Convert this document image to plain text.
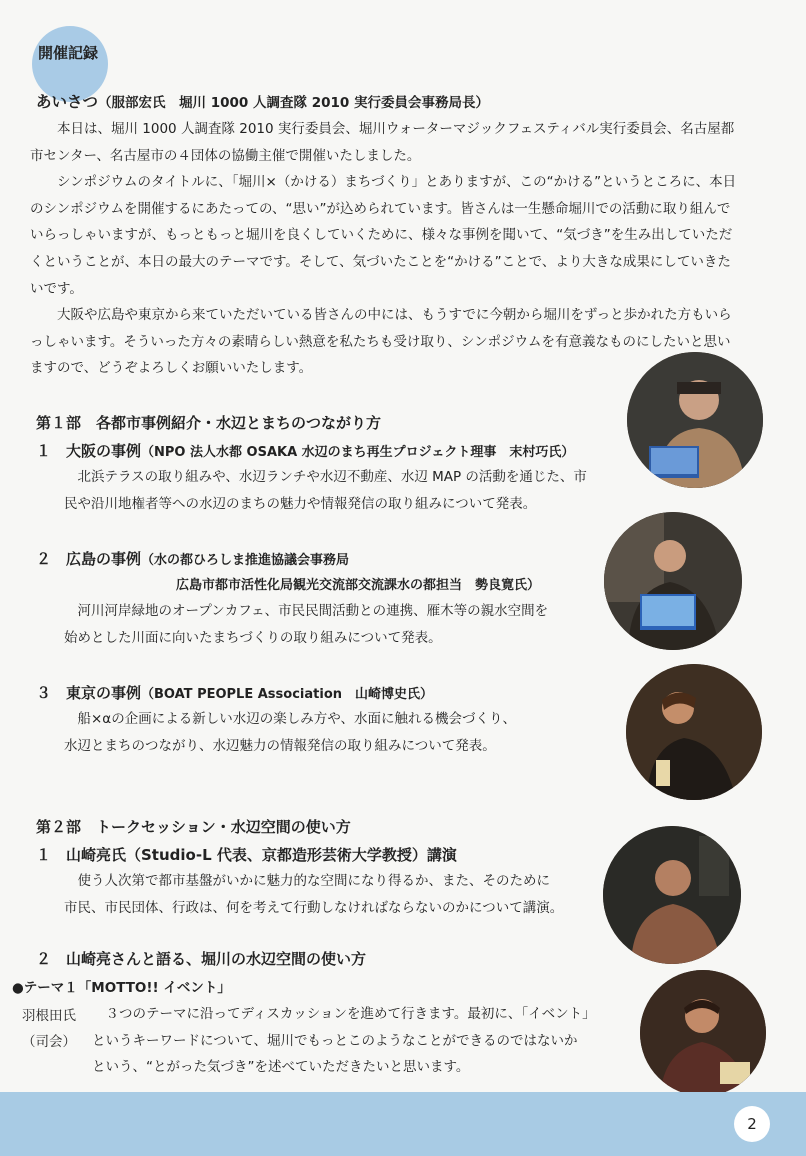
開催記録
あいさつ（服部宏氏　堀川 1000 人調査隊 2010 実行委員会事務局長）

本日は、堀川 1000 人調査隊 2010 実行委員会、堀川ウォーターマジックフェスティバル実行委員会、名古屋都市センター、名古屋市の４団体の協働主催で開催いたしました。

シンポジウムのタイトルに、「堀川×（かける）まちづくり」とありますが、この“かける”というところに、本日のシンポジウムを開催するにあたっての、“思い”が込められています。皆さんは一生懸命堀川での活動に取り組んでいらっしゃいますが、もっともっと堀川を良くしていくために、様々な事例を聞いて、“気づき”を生み出していただくということが、本日の最大のテーマです。そして、気づいたことを“かける”ことで、より大きな成果にしていきたいです。

大阪や広島や東京から来ていただいている皆さんの中には、もうすでに今朝から堀川をずっと歩かれた方もいらっしゃいます。そういった方々の素晴らしい熱意を私たちも受け取り、シンポジウムを有意義なものにしたいと思いますので、どうぞよろしくお願いいたします。

第１部　各都市事例紹介・水辺とまちのつながり方
１ 大阪の事例（NPO 法人水都 OSAKA 水辺のまち再生プロジェクト理事　末村巧氏）
北浜テラスの取り組みや、水辺ランチや水辺不動産、水辺 MAP の活動を通じた、市
民や沿川地権者等への水辺のまちの魅力や情報発信の取り組みについて発表。
２ 広島の事例（水の都ひろしま推進協議会事務局
広島市都市活性化局観光交流部交流課水の都担当　勢良寛氏）
河川河岸緑地のオープンカフェ、市民民間活動との連携、雁木等の親水空間を
始めとした川面に向いたまちづくりの取り組みについて発表。
３ 東京の事例（BOAT PEOPLE Association　山崎博史氏）
船×αの企画による新しい水辺の楽しみ方や、水面に触れる機会づくり、
水辺とまちのつながり、水辺魅力の情報発信の取り組みについて発表。
第２部　トークセッション・水辺空間の使い方
１ 山崎亮氏（Studio-L 代表、京都造形芸術大学教授）講演
使う人次第で都市基盤がいかに魅力的な空間になり得るか、また、そのために
市民、市民団体、行政は、何を考えて行動しなければならないのかについて講演。
２ 山崎亮さんと語る、堀川の水辺空間の使い方
●テーマ１「MOTTO!! イベント」
羽根田氏
（司会）
３つのテーマに沿ってディスカッションを進めて行きます。最初に、「イベント」
というキーワードについて、堀川でもっとこのようなことができるのではないか
という、“とがった気づき”を述べていただきたいと思います。
2
